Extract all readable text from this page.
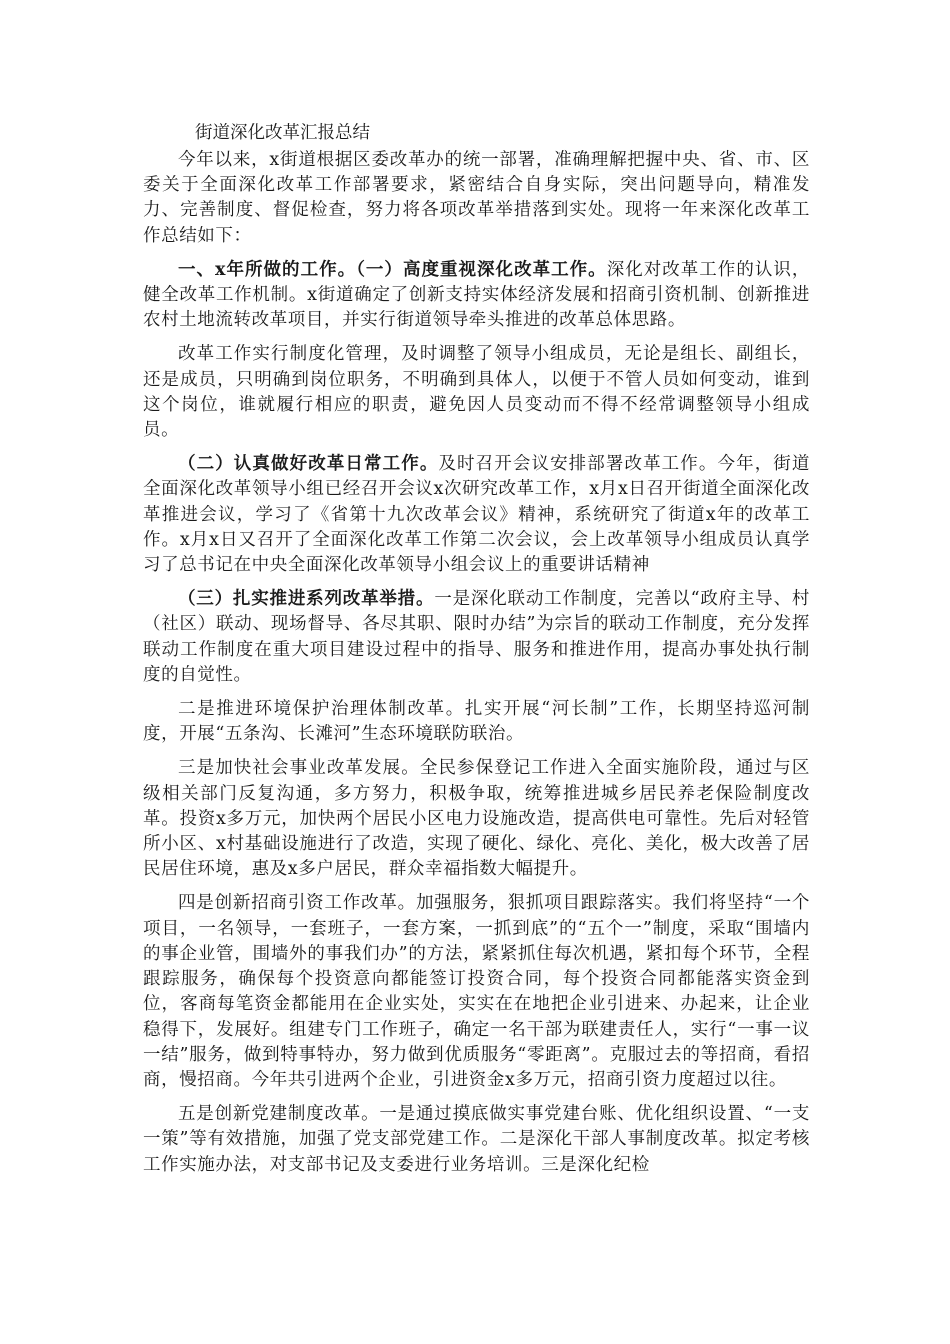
街道深化改革汇报总结

今年以来，x街道根据区委改革办的统一部署，准确理解把握中央、省、市、区委关于全面深化改革工作部署要求，紧密结合自身实际，突出问题导向，精准发力、完善制度、督促检查，努力将各项改革举措落到实处。现将一年来深化改革工作总结如下：

一、x年所做的工作。（一）高度重视深化改革工作。深化对改革工作的认识，健全改革工作机制。x街道确定了创新支持实体经济发展和招商引资机制、创新推进农村土地流转改革项目，并实行街道领导牵头推进的改革总体思路。

改革工作实行制度化管理，及时调整了领导小组成员，无论是组长、副组长，还是成员，只明确到岗位职务，不明确到具体人，以便于不管人员如何变动，谁到这个岗位，谁就履行相应的职责，避免因人员变动而不得不经常调整领导小组成员。

（二）认真做好改革日常工作。及时召开会议安排部署改革工作。今年，街道全面深化改革领导小组已经召开会议x次研究改革工作，x月x日召开街道全面深化改革推进会议，学习了《省第十九次改革会议》精神，系统研究了街道x年的改革工作。x月x日又召开了全面深化改革工作第二次会议，会上改革领导小组成员认真学习了总书记在中央全面深化改革领导小组会议上的重要讲话精神

（三）扎实推进系列改革举措。一是深化联动工作制度，完善以“政府主导、村（社区）联动、现场督导、各尽其职、限时办结”为宗旨的联动工作制度，充分发挥联动工作制度在重大项目建设过程中的指导、服务和推进作用，提高办事处执行制度的自觉性。

二是推进环境保护治理体制改革。扎实开展“河长制”工作，长期坚持巡河制度，开展“五条沟、长滩河”生态环境联防联治。

三是加快社会事业改革发展。全民参保登记工作进入全面实施阶段，通过与区级相关部门反复沟通，多方努力，积极争取，统筹推进城乡居民养老保险制度改革。投资x多万元，加快两个居民小区电力设施改造，提高供电可靠性。先后对轻管所小区、x村基础设施进行了改造，实现了硬化、绿化、亮化、美化，极大改善了居民居住环境，惠及x多户居民，群众幸福指数大幅提升。

四是创新招商引资工作改革。加强服务，狠抓项目跟踪落实。我们将坚持“一个项目，一名领导，一套班子，一套方案，一抓到底”的“五个一”制度，采取“围墙内的事企业管，围墙外的事我们办”的方法，紧紧抓住每次机遇，紧扣每个环节，全程跟踪服务，确保每个投资意向都能签订投资合同，每个投资合同都能落实资金到位，客商每笔资金都能用在企业实处，实实在在地把企业引进来、办起来，让企业稳得下，发展好。组建专门工作班子，确定一名干部为联建责任人，实行“一事一议一结”服务，做到特事特办，努力做到优质服务“零距离”。克服过去的等招商，看招商，慢招商。今年共引进两个企业，引进资金x多万元，招商引资力度超过以往。

五是创新党建制度改革。一是通过摸底做实事党建台账、优化组织设置、“一支一策”等有效措施，加强了党支部党建工作。二是深化干部人事制度改革。拟定考核工作实施办法，对支部书记及支委进行业务培训。三是深化纪检
